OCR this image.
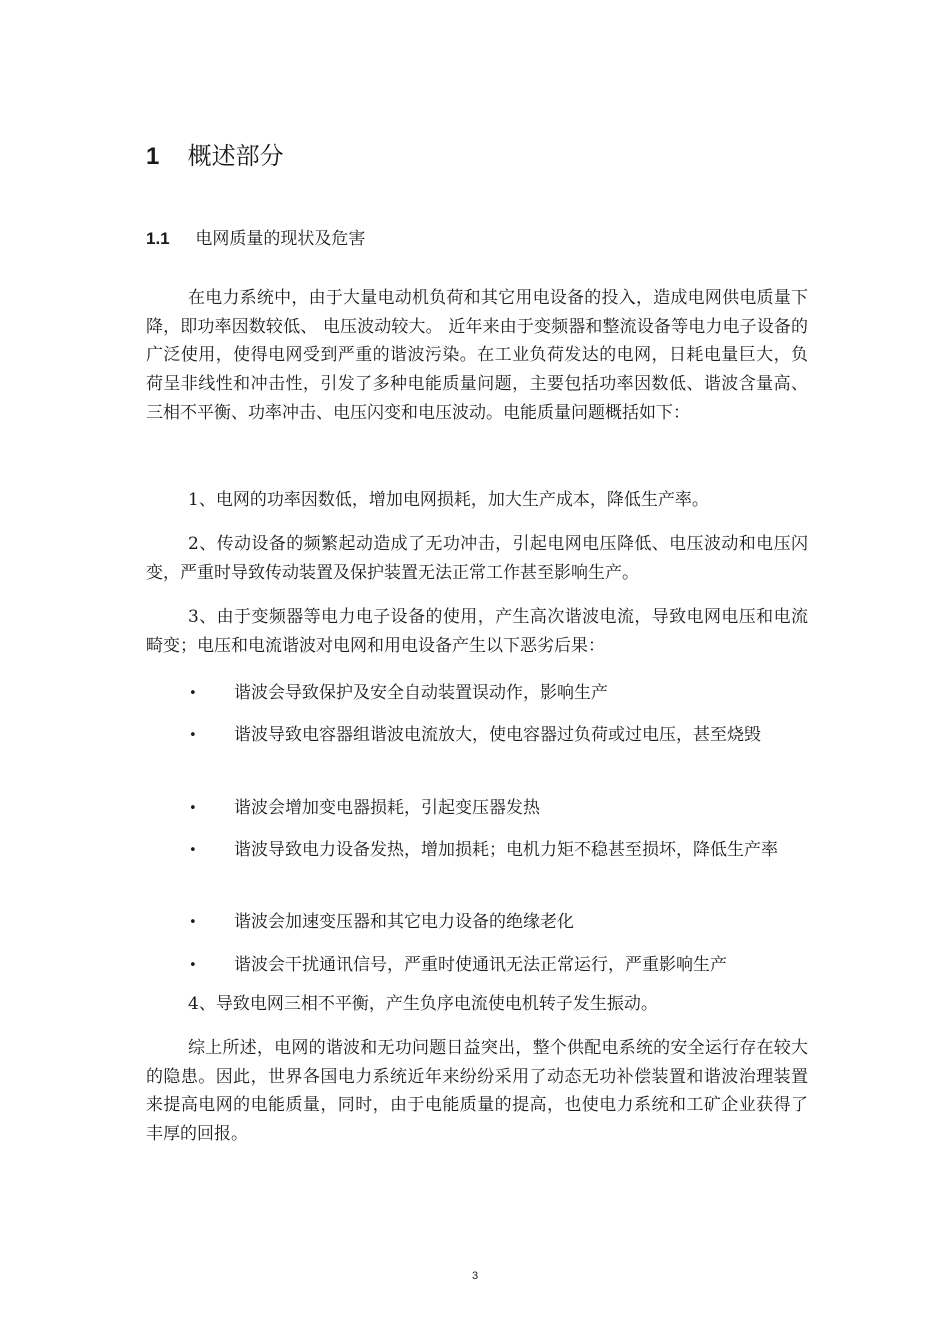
1 概述部分
1.1 电网质量的现状及危害

在电力系统中，由于大量电动机负荷和其它用电设备的投入，造成电网供电质量下降，即功率因数较低、 电压波动较大。 近年来由于变频器和整流设备等电力电子设备的广泛使用，使得电网受到严重的谐波污染。在工业负荷发达的电网，日耗电量巨大，负荷呈非线性和冲击性，引发了多种电能质量问题，主要包括功率因数低、谐波含量高、三相不平衡、功率冲击、电压闪变和电压波动。电能质量问题概括如下：

1、电网的功率因数低，增加电网损耗，加大生产成本，降低生产率。

2、传动设备的频繁起动造成了无功冲击，引起电网电压降低、电压波动和电压闪变，严重时导致传动装置及保护装置无法正常工作甚至影响生产。

3、由于变频器等电力电子设备的使用，产生高次谐波电流，导致电网电压和电流畸变；电压和电流谐波对电网和用电设备产生以下恶劣后果：

•	谐波会导致保护及安全自动装置误动作，影响生产
•	谐波导致电容器组谐波电流放大，使电容器过负荷或过电压，甚至烧毁
•	谐波会增加变电器损耗，引起变压器发热
•	谐波导致电力设备发热，增加损耗；电机力矩不稳甚至损坏，降低生产率
•	谐波会加速变压器和其它电力设备的绝缘老化
•	谐波会干扰通讯信号，严重时使通讯无法正常运行，严重影响生产

4、导致电网三相不平衡，产生负序电流使电机转子发生振动。

综上所述，电网的谐波和无功问题日益突出，整个供配电系统的安全运行存在较大的隐患。因此，世界各国电力系统近年来纷纷采用了动态无功补偿装置和谐波治理装置来提高电网的电能质量，同时，由于电能质量的提高，也使电力系统和工矿企业获得了丰厚的回报。

3
